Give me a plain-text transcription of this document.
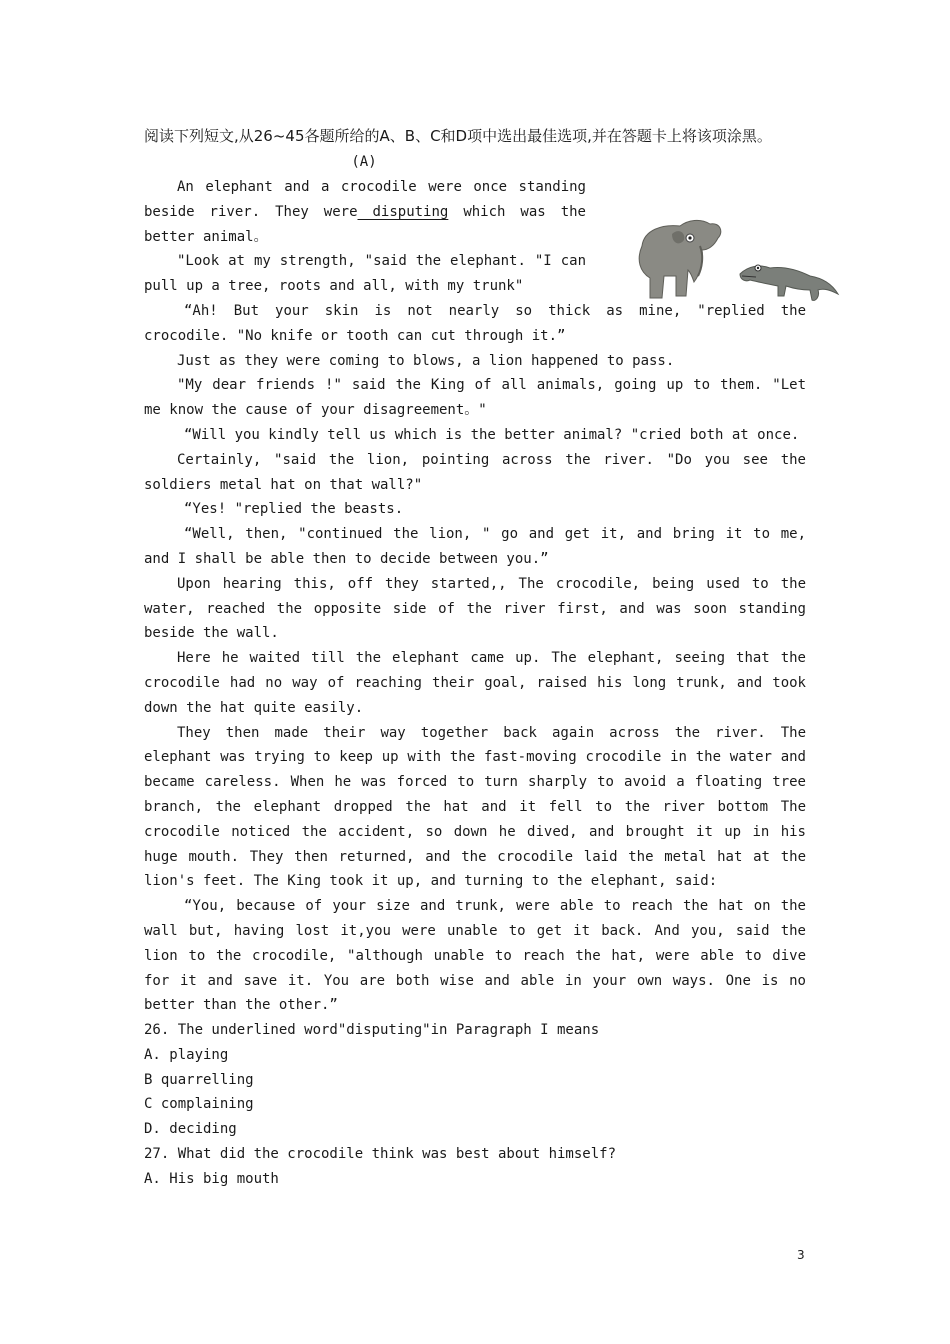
阅读下列短文,从26~45各题所给的A、B、C和D项中选出最佳选项,并在答题卡上将该项涂黑。

(A)

An elephant and a crocodile were once standing beside river. They were disputing which was the better animal。

"Look at my strength, "said the elephant. "I can pull up a tree, roots and all, with my trunk"

“Ah! But your skin is not nearly so thick as mine, "replied the crocodile. "No knife or tooth can cut through it.”

Just as they were coming to blows, a lion happened to pass.

"My dear friends !" said the King of all animals, going up to them. "Let me know the cause of your disagreement。"

“Will you kindly tell us which is the better animal? "cried both at once.

Certainly, "said the lion, pointing across the river. "Do you see the soldiers metal hat on that wall?"

“Yes! "replied the beasts.

“Well, then, "continued the lion, " go and get it, and bring it to me, and I shall be able then to decide between you.”

Upon hearing this, off they started,, The crocodile, being used to the water, reached the opposite side of the river first, and was soon standing beside the wall.

Here he waited till the elephant came up. The elephant, seeing that the crocodile had no way of reaching their goal, raised his long trunk, and took down the hat quite easily.

They then made their way together back again across the river. The elephant was trying to keep up with the fast-moving crocodile in the water and became careless. When he was forced to turn sharply to avoid a floating tree branch, the elephant dropped the hat and it fell to the river bottom The crocodile noticed the accident, so down he dived, and brought it up in his huge mouth. They then returned, and the crocodile laid the metal hat at the lion's feet. The King took it up, and turning to the elephant, said:

“You, because of your size and trunk, were able to reach the hat on the wall but, having lost it,you were unable to get it back. And you, said the lion to the crocodile, "although unable to reach the hat, were able to dive for it and save it. You are both wise and able in your own ways. One is no better than the other.”

26. The underlined word"disputing"in Paragraph I means

A. playing

B quarrelling

C complaining

D. deciding

27. What did the crocodile think was best about himself?

A. His big mouth

3
